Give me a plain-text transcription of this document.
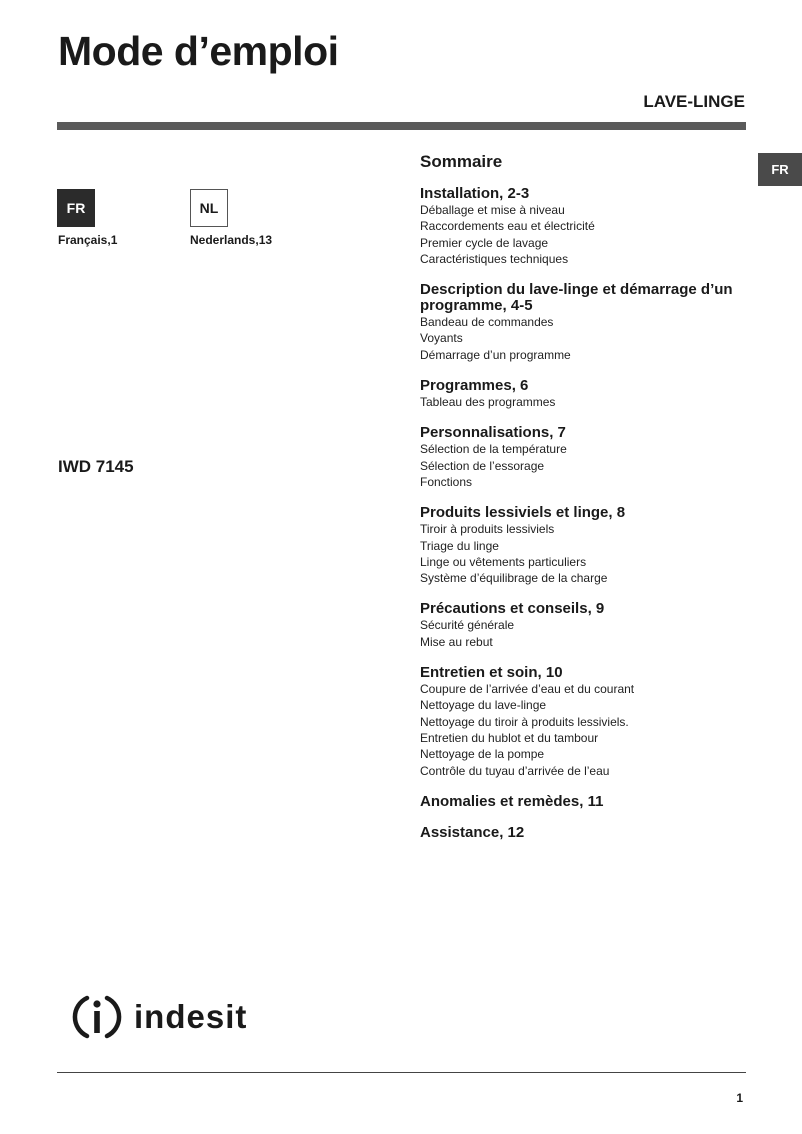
Mode d’emploi
LAVE-LINGE
FR
FR
Français,1
NL
Nederlands,13
IWD 7145
Sommaire
Installation, 2-3
Déballage et mise à niveau
Raccordements eau et électricité
Premier cycle de lavage
Caractéristiques techniques
Description du lave-linge et démarrage d’un programme, 4-5
Bandeau de commandes
Voyants
Démarrage d’un programme
Programmes, 6
Tableau des programmes
Personnalisations, 7
Sélection de la température
Sélection de l’essorage
Fonctions
Produits lessiviels et linge, 8
Tiroir à produits lessiviels
Triage du linge
Linge ou vêtements particuliers
Système d’équilibrage de la charge
Précautions et conseils, 9
Sécurité générale
Mise au rebut
Entretien et soin, 10
Coupure de l’arrivée d’eau et du courant
Nettoyage du lave-linge
Nettoyage du tiroir à produits lessiviels.
Entretien du hublot et du tambour
Nettoyage de la pompe
Contrôle du tuyau d’arrivée de l’eau
Anomalies et remèdes, 11
Assistance, 12
indesit
1
